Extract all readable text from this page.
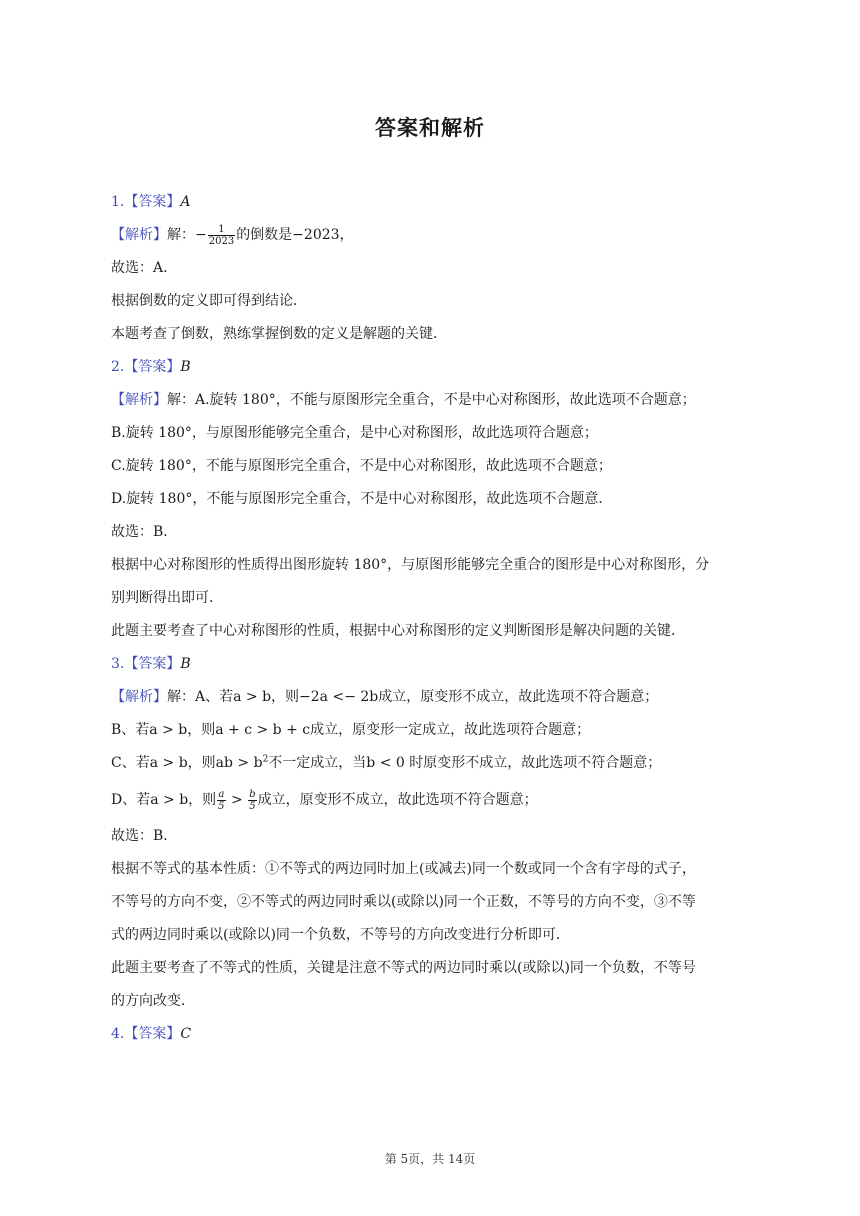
答案和解析
1.【答案】A
【解析】解：− $\frac{1}{2023}$ 的倒数是−2023，
故选：A．
根据倒数的定义即可得到结论．
本题考查了倒数，熟练掌握倒数的定义是解题的关键．
2.【答案】B
【解析】解：A.旋转 180°，不能与原图形完全重合，不是中心对称图形，故此选项不合题意；
B.旋转 180°，与原图形能够完全重合，是中心对称图形，故此选项符合题意；
C.旋转 180°，不能与原图形完全重合，不是中心对称图形，故此选项不合题意；
D.旋转 180°，不能与原图形完全重合，不是中心对称图形，故此选项不合题意．
故选：B．
根据中心对称图形的性质得出图形旋转 180°，与原图形能够完全重合的图形是中心对称图形，分
别判断得出即可．
此题主要考查了中心对称图形的性质，根据中心对称图形的定义判断图形是解决问题的关键．
3.【答案】B
【解析】解：A、若a > b，则−2a <− 2b成立，原变形不成立，故此选项不符合题意；
B、若a > b，则a + c > b + c成立，原变形一定成立，故此选项符合题意；
C、若a > b，则ab > $b^2$不一定成立，当b < 0 时原变形不成立，故此选项不符合题意；
D、若a > b，则 $\frac{a}{5} > \frac{b}{5}$ 成立，原变形不成立，故此选项不符合题意；
故选：B．
根据不等式的基本性质：①不等式的两边同时加上(或减去)同一个数或同一个含有字母的式子，
不等号的方向不变，②不等式的两边同时乘以(或除以)同一个正数，不等号的方向不变，③不等
式的两边同时乘以(或除以)同一个负数，不等号的方向改变进行分析即可．
此题主要考查了不等式的性质，关键是注意不等式的两边同时乘以(或除以)同一个负数，不等号
的方向改变．
4.【答案】C
第 5页，共 14页
